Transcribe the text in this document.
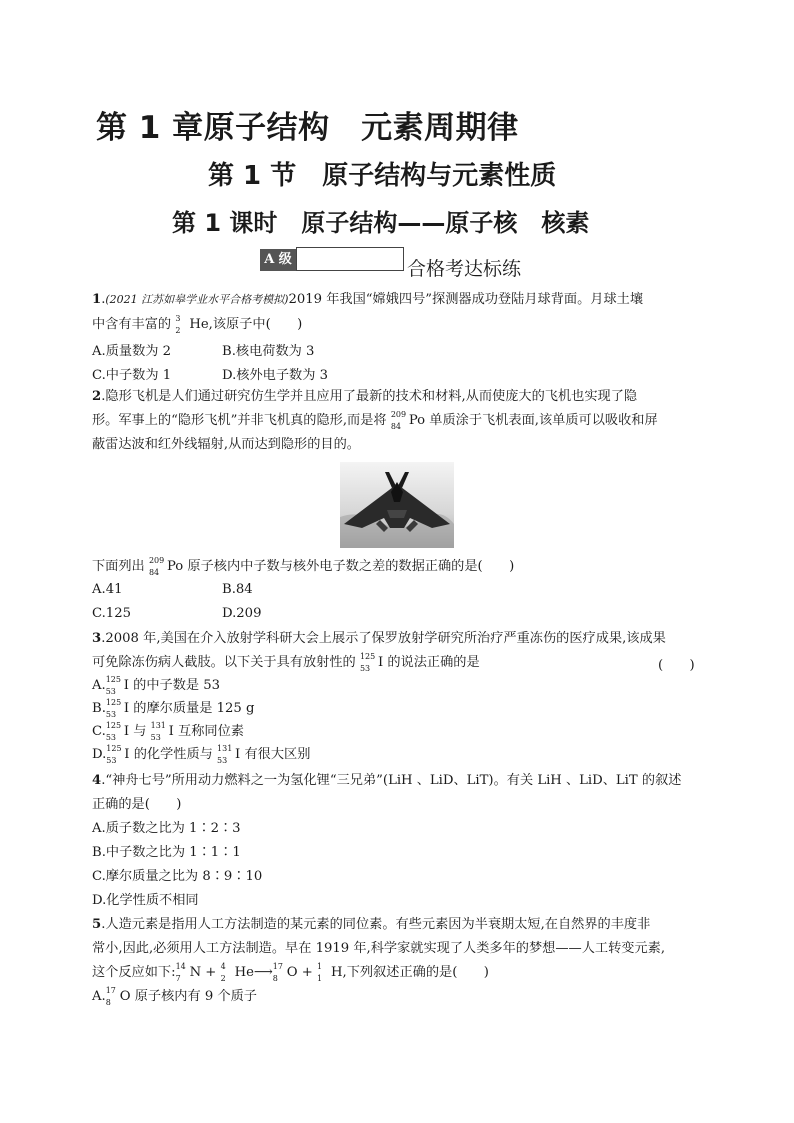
第 1 章原子结构　元素周期律
第 1 节　原子结构与元素性质
第 1 课时　原子结构——原子核　核素
A 级	合格考达标练
1.(2021 江苏如皋学业水平合格考模拟)2019 年我国“嫦娥四号”探测器成功登陆月球背面。月球土壤
中含有丰富的 3
2 He,该原子中(　　)
A.质量数为 2	B.核电荷数为 3
C.中子数为 1	D.核外电子数为 3
2.隐形飞机是人们通过研究仿生学并且应用了最新的技术和材料,从而使庞大的飞机也实现了隐
形。军事上的“隐形飞机”并非飞机真的隐形,而是将 209
84 Po 单质涂于飞机表面,该单质可以吸收和屏
蔽雷达波和红外线辐射,从而达到隐形的目的。
下面列出 209
84 Po 原子核内中子数与核外电子数之差的数据正确的是(　　)
A.41	B.84
C.125	D.209
3.2008 年,美国在介入放射学科研大会上展示了保罗放射学研究所治疗严重冻伤的医疗成果,该成果
可免除冻伤病人截肢。以下关于具有放射性的 125
53 I 的说法正确的是	(　　)
A. 125
53 I 的中子数是 53
B. 125
53 I 的摩尔质量是 125 g
C. 125
53 I 与 131
53 I 互称同位素
D. 125
53 I 的化学性质与 131
53 I 有很大区别
4.“神舟七号”所用动力燃料之一为氢化锂“三兄弟”(LiH 、LiD、LiT)。有关 LiH 、LiD、LiT 的叙述
正确的是(　　)
A.质子数之比为 1∶2∶3
B.中子数之比为 1∶1∶1
C.摩尔质量之比为 8∶9∶10
D.化学性质不相同
5.人造元素是指用人工方法制造的某元素的同位素。有些元素因为半衰期太短,在自然界的丰度非
常小,因此,必须用人工方法制造。早在 1919 年,科学家就实现了人类多年的梦想——人工转变元素,
这个反应如下: 14
7 N + 4
2 He⟶ 17
8 O + 1
1 H,下列叙述正确的是(　　)
A. 17
8 O 原子核内有 9 个质子
